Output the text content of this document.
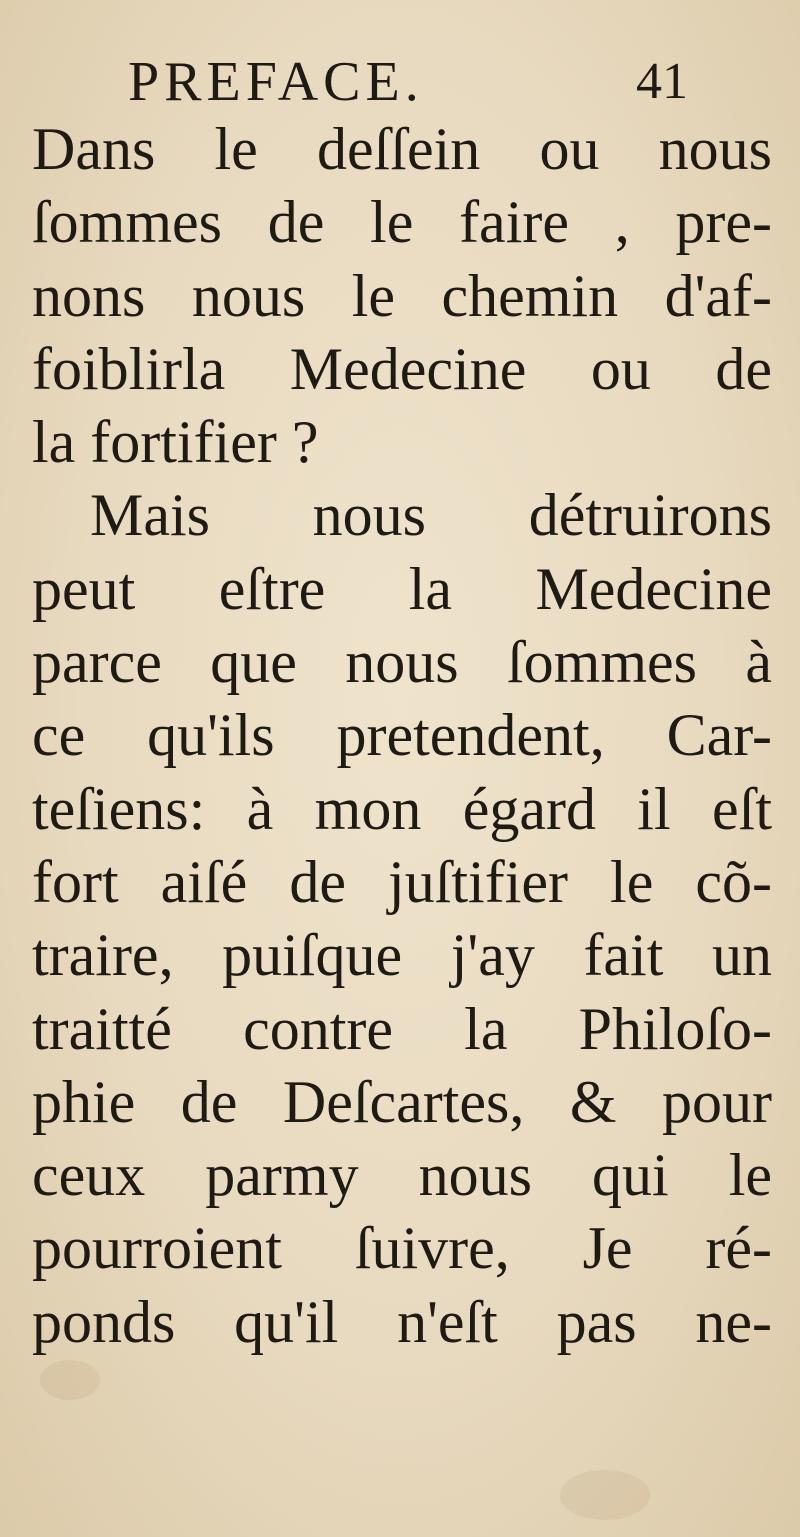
PREFACE.	41
Dans le deſſein ou nous
ſommes de le faire , pre-
nons nous le chemin d'af-
foiblirla Medecine ou de
la fortifier ?
Mais nous détruirons
peut eſtre la Medecine
parce que nous ſommes à
ce qu'ils pretendent, Car-
teſiens: à mon égard il eſt
fort aiſé de juſtifier le cõ-
traire, puiſque j'ay fait un
traitté contre la Philoſo-
phie de Deſcartes, & pour
ceux parmy nous qui le
pourroient ſuivre, Je ré-
ponds qu'il n'eſt pas ne-
